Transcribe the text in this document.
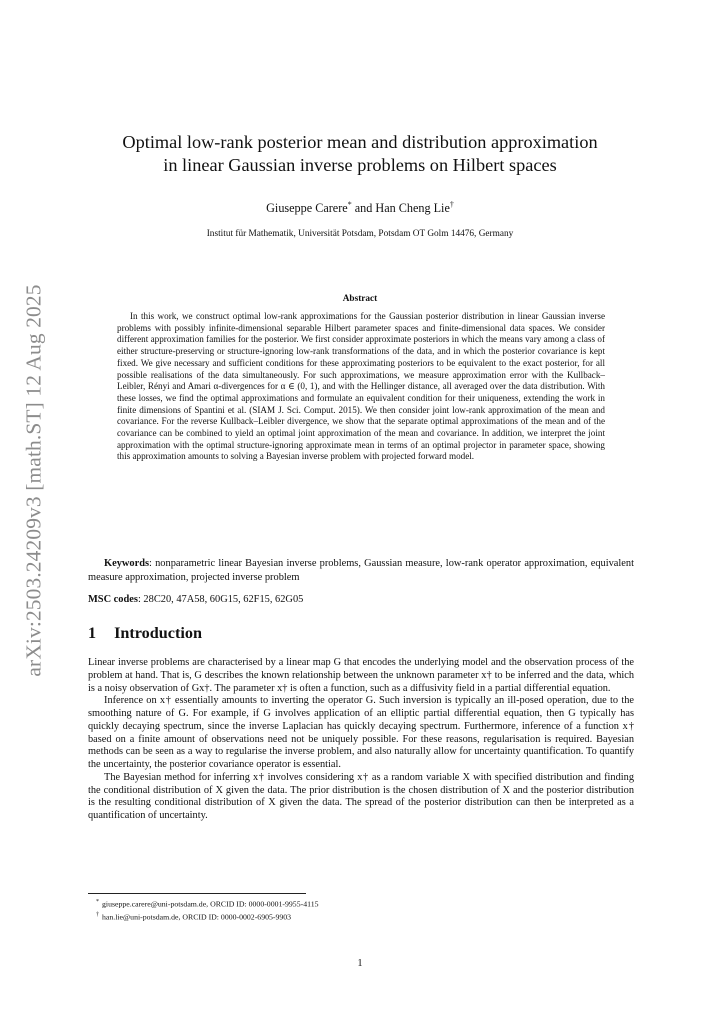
arXiv:2503.24209v3 [math.ST] 12 Aug 2025
Optimal low-rank posterior mean and distribution approximation
in linear Gaussian inverse problems on Hilbert spaces
Giuseppe Carere* and Han Cheng Lie†
Institut für Mathematik, Universität Potsdam, Potsdam OT Golm 14476, Germany
Abstract
In this work, we construct optimal low-rank approximations for the Gaussian posterior distribution in linear Gaussian inverse problems with possibly infinite-dimensional separable Hilbert parameter spaces and finite-dimensional data spaces. We consider different approximation families for the posterior. We first consider approximate posteriors in which the means vary among a class of either structure-preserving or structure-ignoring low-rank transformations of the data, and in which the posterior covariance is kept fixed. We give necessary and sufficient conditions for these approximating posteriors to be equivalent to the exact posterior, for all possible realisations of the data simultaneously. For such approximations, we measure approximation error with the Kullback–Leibler, Rényi and Amari α-divergences for α ∈ (0, 1), and with the Hellinger distance, all averaged over the data distribution. With these losses, we find the optimal approximations and formulate an equivalent condition for their uniqueness, extending the work in finite dimensions of Spantini et al. (SIAM J. Sci. Comput. 2015). We then consider joint low-rank approximation of the mean and covariance. For the reverse Kullback–Leibler divergence, we show that the separate optimal approximations of the mean and of the covariance can be combined to yield an optimal joint approximation of the mean and covariance. In addition, we interpret the joint approximation with the optimal structure-ignoring approximate mean in terms of an optimal projector in parameter space, showing this approximation amounts to solving a Bayesian inverse problem with projected forward model.
Keywords: nonparametric linear Bayesian inverse problems, Gaussian measure, low-rank operator approximation, equivalent measure approximation, projected inverse problem
MSC codes: 28C20, 47A58, 60G15, 62F15, 62G05
1 Introduction

Linear inverse problems are characterised by a linear map G that encodes the underlying model and the observation process of the problem at hand. That is, G describes the known relationship between the unknown parameter x† to be inferred and the data, which is a noisy observation of Gx†. The parameter x† is often a function, such as a diffusivity field in a partial differential equation.

Inference on x† essentially amounts to inverting the operator G. Such inversion is typically an ill-posed operation, due to the smoothing nature of G. For example, if G involves application of an elliptic partial differential equation, then G typically has quickly decaying spectrum, since the inverse Laplacian has quickly decaying spectrum. Furthermore, inference of a function x† based on a finite amount of observations need not be uniquely possible. For these reasons, regularisation is required. Bayesian methods can be seen as a way to regularise the inverse problem, and also naturally allow for uncertainty quantification. To quantify the uncertainty, the posterior covariance operator is essential.

The Bayesian method for inferring x† involves considering x† as a random variable X with specified distribution and finding the conditional distribution of X given the data. The prior distribution is the chosen distribution of X and the posterior distribution is the resulting conditional distribution of X given the data. The spread of the posterior distribution can then be interpreted as a quantification of uncertainty.

* giuseppe.carere@uni-potsdam.de, ORCID ID: 0000-0001-9955-4115
† han.lie@uni-potsdam.de, ORCID ID: 0000-0002-6905-9903
1
